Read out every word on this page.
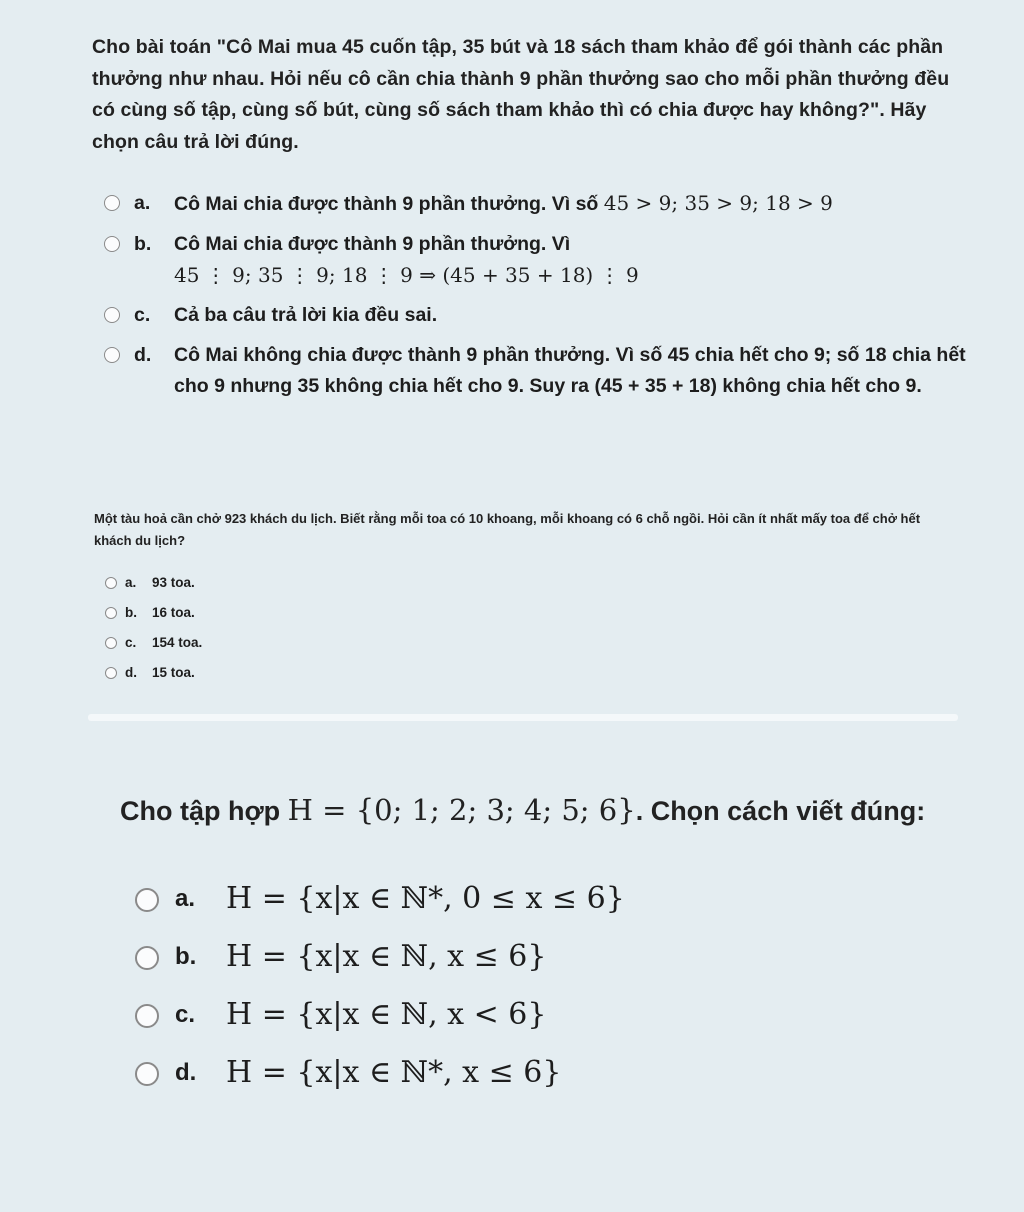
Cho bài toán "Cô Mai mua 45 cuốn tập, 35 bút và 18 sách tham khảo để gói thành các phần thưởng như nhau. Hỏi nếu cô cần chia thành 9 phần thưởng sao cho mỗi phần thưởng đều có cùng số tập, cùng số bút, cùng số sách tham khảo thì có chia được hay không?". Hãy chọn câu trả lời đúng.
a. Cô Mai chia được thành 9 phần thưởng. Vì số 45 > 9; 35 > 9; 18 > 9
b. Cô Mai chia được thành 9 phần thưởng. Vì
45 ⋮ 9; 35 ⋮ 9; 18 ⋮ 9 ⇒ (45 + 35 + 18) ⋮ 9
c. Cả ba câu trả lời kia đều sai.
d. Cô Mai không chia được thành 9 phần thưởng. Vì số 45 chia hết cho 9; số 18 chia hết cho 9 nhưng 35 không chia hết cho 9. Suy ra (45 + 35 + 18) không chia hết cho 9.
Một tàu hoả cần chở 923 khách du lịch. Biết rằng mỗi toa có 10 khoang, mỗi khoang có 6 chỗ ngồi. Hỏi cần ít nhất mấy toa để chở hết khách du lịch?
a. 93 toa.
b. 16 toa.
c. 154 toa.
d. 15 toa.
Cho tập hợp H = {0; 1; 2; 3; 4; 5; 6}. Chọn cách viết đúng:
a. H = {x|x ∈ ℕ*, 0 ≤ x ≤ 6}
b. H = {x|x ∈ ℕ, x ≤ 6}
c. H = {x|x ∈ ℕ, x < 6}
d. H = {x|x ∈ ℕ*, x ≤ 6}
